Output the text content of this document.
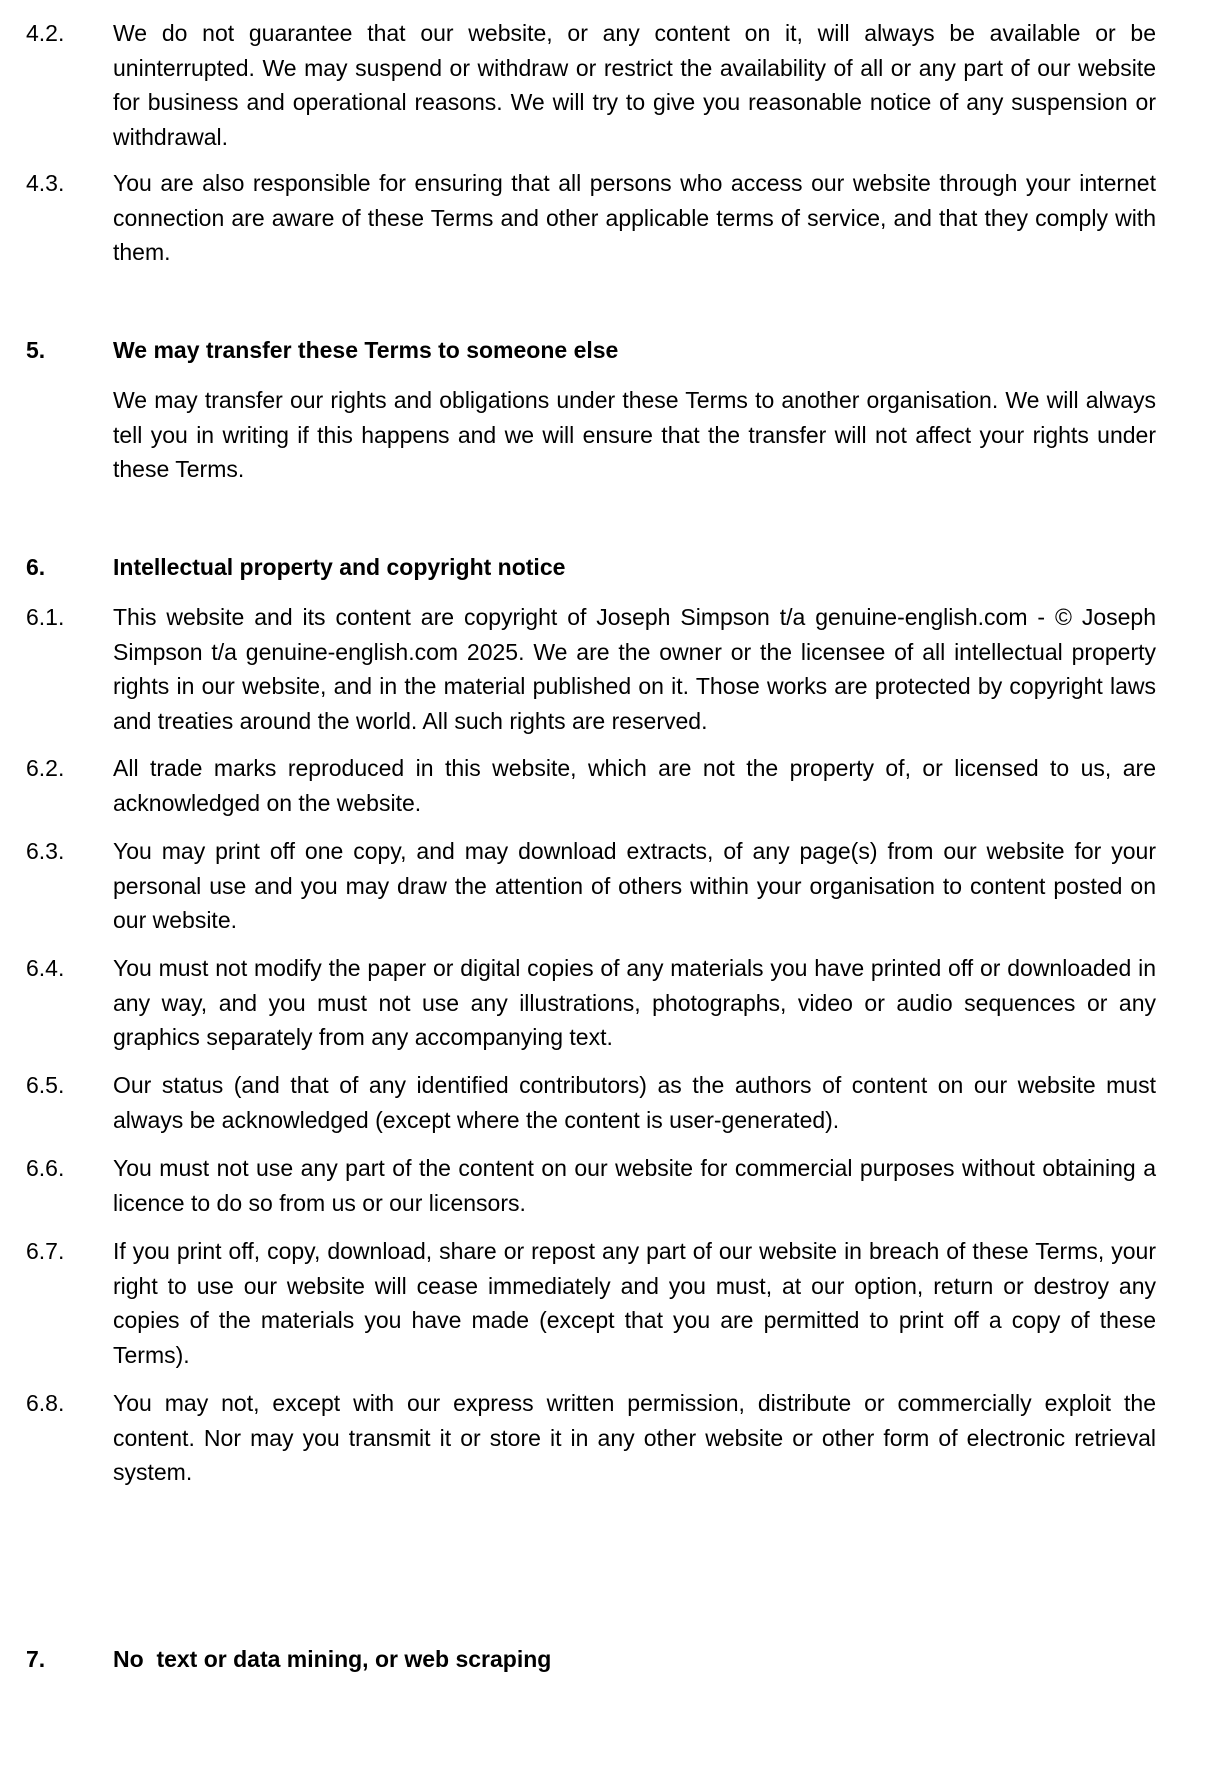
4.2.	We do not guarantee that our website, or any content on it, will always be available or be uninterrupted. We may suspend or withdraw or restrict the availability of all or any part of our website for business and operational reasons. We will try to give you reasonable notice of any suspension or withdrawal.
4.3.	You are also responsible for ensuring that all persons who access our website through your internet connection are aware of these Terms and other applicable terms of service, and that they comply with them.
5.	We may transfer these Terms to someone else
We may transfer our rights and obligations under these Terms to another organisation. We will always tell you in writing if this happens and we will ensure that the transfer will not affect your rights under these Terms.
6.	Intellectual property and copyright notice
6.1.	This website and its content are copyright of Joseph Simpson t/a genuine-english.com - © Joseph Simpson t/a genuine-english.com 2025. We are the owner or the licensee of all intellectual property rights in our website, and in the material published on it. Those works are protected by copyright laws and treaties around the world. All such rights are reserved.
6.2.	All trade marks reproduced in this website, which are not the property of, or licensed to us, are acknowledged on the website.
6.3.	You may print off one copy, and may download extracts, of any page(s) from our website for your personal use and you may draw the attention of others within your organisation to content posted on our website.
6.4.	You must not modify the paper or digital copies of any materials you have printed off or downloaded in any way, and you must not use any illustrations, photographs, video or audio sequences or any graphics separately from any accompanying text.
6.5.	Our status (and that of any identified contributors) as the authors of content on our website must always be acknowledged (except where the content is user-generated).
6.6.	You must not use any part of the content on our website for commercial purposes without obtaining a licence to do so from us or our licensors.
6.7.	If you print off, copy, download, share or repost any part of our website in breach of these Terms, your right to use our website will cease immediately and you must, at our option, return or destroy any copies of the materials you have made (except that you are permitted to print off a copy of these Terms).
6.8.	You may not, except with our express written permission, distribute or commercially exploit the content. Nor may you transmit it or store it in any other website or other form of electronic retrieval system.
7.	No  text or data mining, or web scraping
